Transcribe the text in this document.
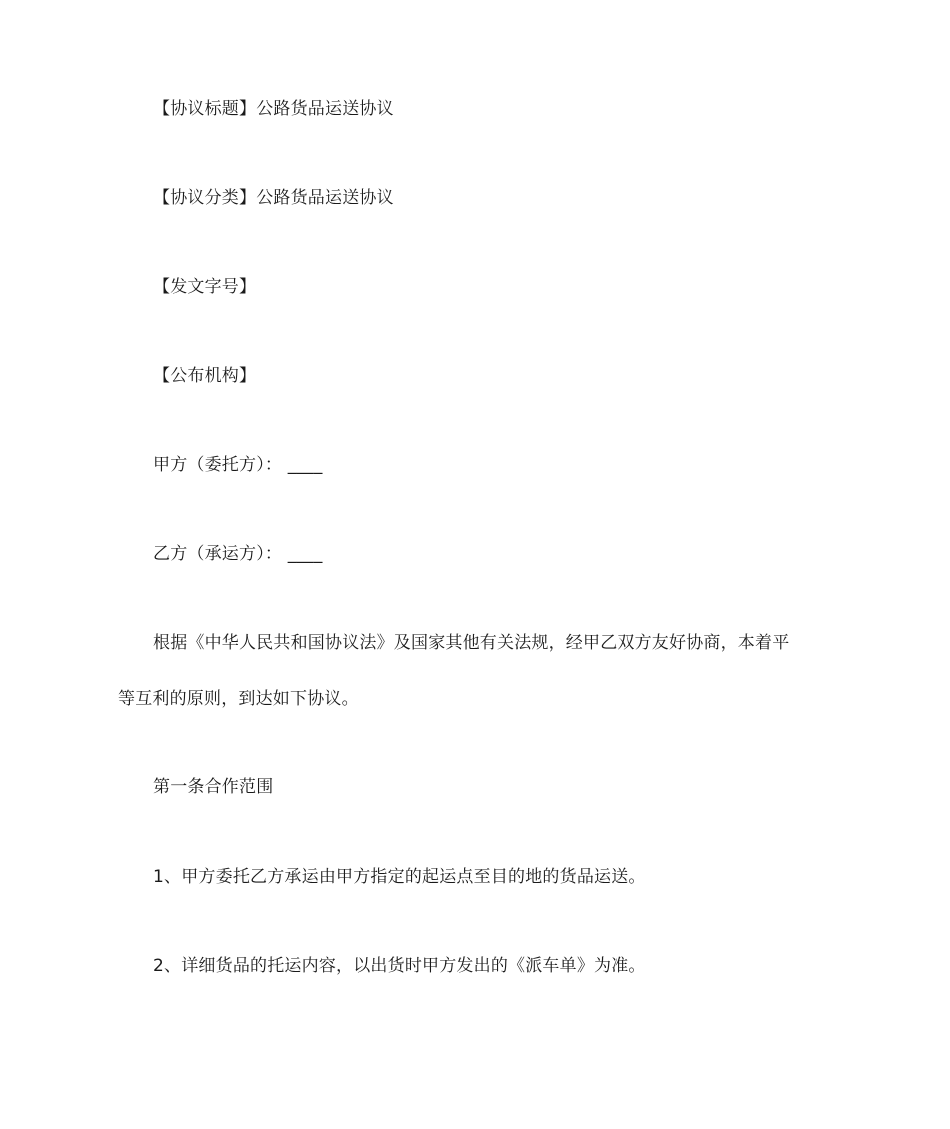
【协议标题】公路货品运送协议
【协议分类】公路货品运送协议
【发文字号】
【公布机构】
甲方（委托方）： ____
乙方（承运方）： ____
根据《中华人民共和国协议法》及国家其他有关法规，经甲乙双方友好协商，本着平
等互利的原则，到达如下协议。
第一条合作范围
1、甲方委托乙方承运由甲方指定的起运点至目的地的货品运送。
2、详细货品的托运内容，以出货时甲方发出的《派车单》为准。
